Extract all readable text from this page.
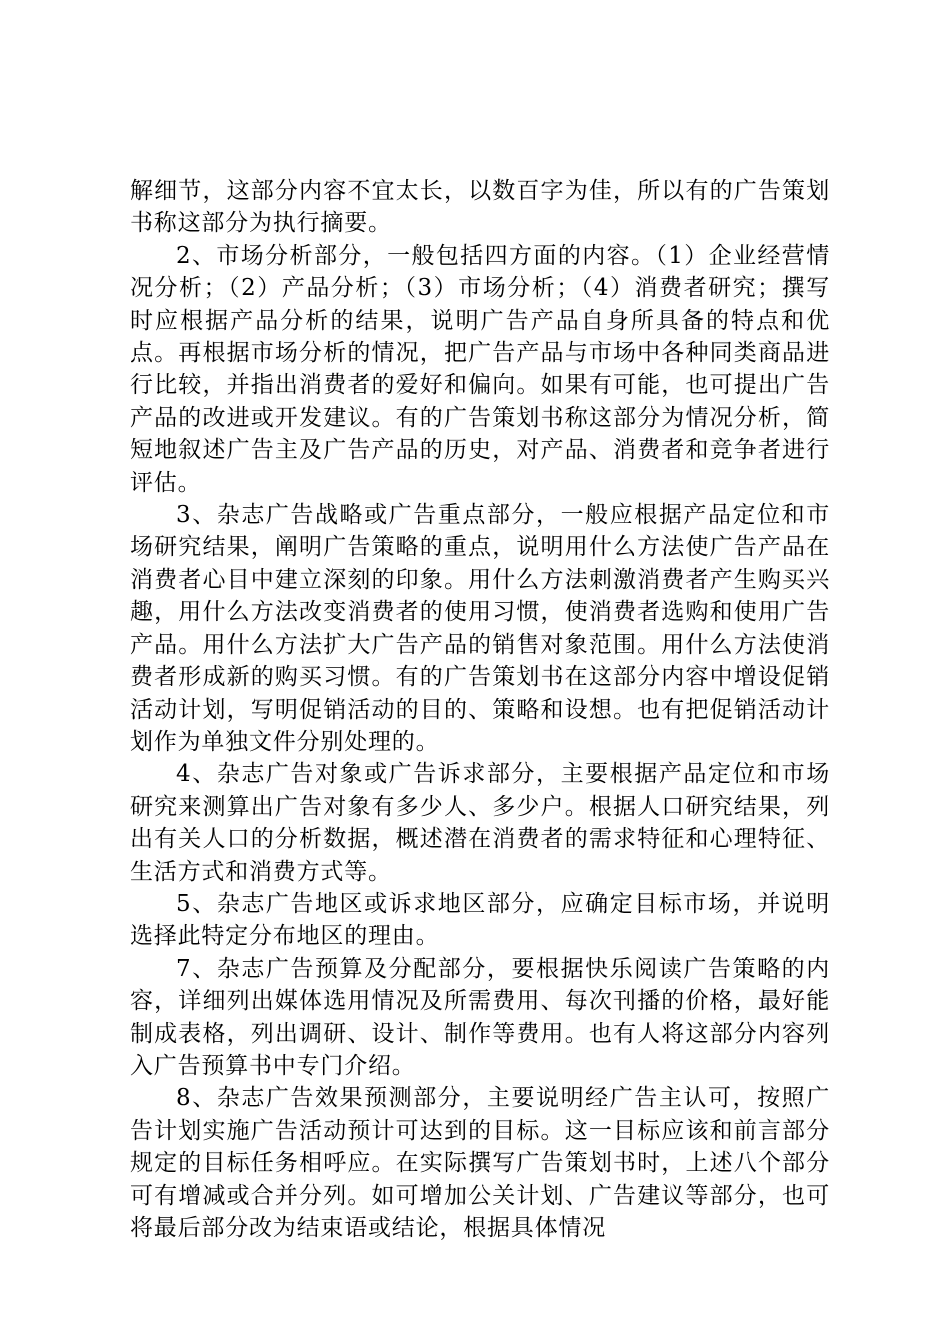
解细节，这部分内容不宜太长，以数百字为佳，所以有的广告策划书称这部分为执行摘要。

2、市场分析部分，一般包括四方面的内容。（1）企业经营情况分析；（2）产品分析；（3）市场分析；（4）消费者研究；撰写时应根据产品分析的结果，说明广告产品自身所具备的特点和优点。再根据市场分析的情况，把广告产品与市场中各种同类商品进行比较，并指出消费者的爱好和偏向。如果有可能，也可提出广告产品的改进或开发建议。有的广告策划书称这部分为情况分析，简短地叙述广告主及广告产品的历史，对产品、消费者和竞争者进行评估。

3、杂志广告战略或广告重点部分，一般应根据产品定位和市场研究结果，阐明广告策略的重点，说明用什么方法使广告产品在消费者心目中建立深刻的印象。用什么方法刺激消费者产生购买兴趣，用什么方法改变消费者的使用习惯，使消费者选购和使用广告产品。用什么方法扩大广告产品的销售对象范围。用什么方法使消费者形成新的购买习惯。有的广告策划书在这部分内容中增设促销活动计划，写明促销活动的目的、策略和设想。也有把促销活动计划作为单独文件分别处理的。

4、杂志广告对象或广告诉求部分，主要根据产品定位和市场研究来测算出广告对象有多少人、多少户。根据人口研究结果，列出有关人口的分析数据，概述潜在消费者的需求特征和心理特征、生活方式和消费方式等。

5、杂志广告地区或诉求地区部分，应确定目标市场，并说明选择此特定分布地区的理由。

7、杂志广告预算及分配部分，要根据快乐阅读广告策略的内容，详细列出媒体选用情况及所需费用、每次刊播的价格，最好能制成表格，列出调研、设计、制作等费用。也有人将这部分内容列入广告预算书中专门介绍。

8、杂志广告效果预测部分，主要说明经广告主认可，按照广告计划实施广告活动预计可达到的目标。这一目标应该和前言部分规定的目标任务相呼应。在实际撰写广告策划书时，上述八个部分可有增减或合并分列。如可增加公关计划、广告建议等部分，也可将最后部分改为结束语或结论，根据具体情况
